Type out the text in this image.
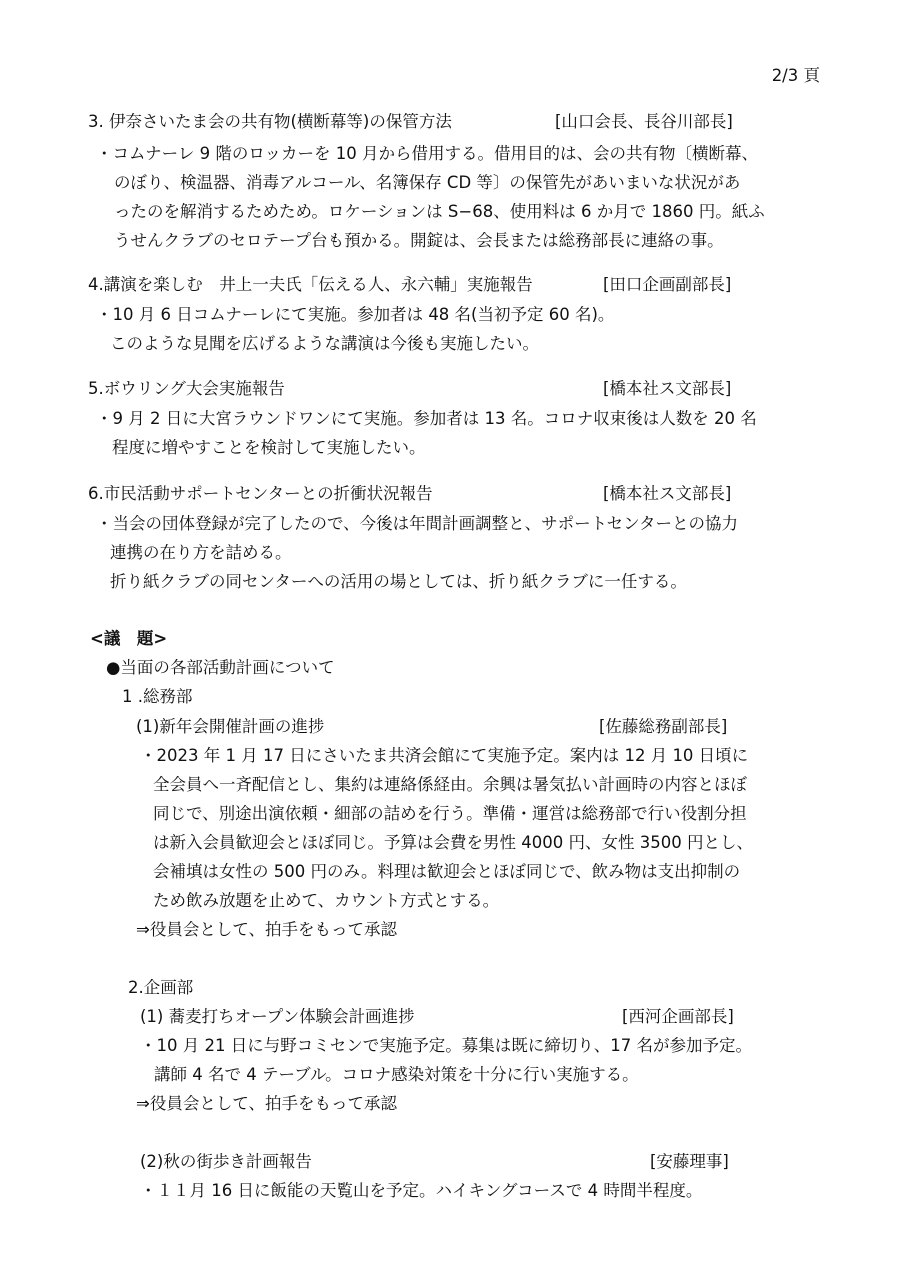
2/3 頁
3. 伊奈さいたま会の共有物(横断幕等)の保管方法	[山口会長、長谷川部長]
・コムナーレ 9 階のロッカーを 10 月から借用する。借用目的は、会の共有物〔横断幕、
のぼり、検温器、消毒アルコール、名簿保存 CD 等〕の保管先があいまいな状況があ
ったのを解消するためため。ロケーションは S−68、使用料は 6 か月で 1860 円。紙ふ
うせんクラブのセロテープ台も預かる。開錠は、会長または総務部長に連絡の事。
4.講演を楽しむ　井上一夫氏「伝える人、永六輔」実施報告	[田口企画副部長]
・10 月 6 日コムナーレにて実施。参加者は 48 名(当初予定 60 名)。
このような見聞を広げるような講演は今後も実施したい。
5.ボウリング大会実施報告	[橋本社ス文部長]
・9 月 2 日に大宮ラウンドワンにて実施。参加者は 13 名。コロナ収束後は人数を 20 名
程度に増やすことを検討して実施したい。
6.市民活動サポートセンターとの折衝状況報告	[橋本社ス文部長]
・当会の団体登録が完了したので、今後は年間計画調整と、サポートセンターとの協力
連携の在り方を詰める。
折り紙クラブの同センターへの活用の場としては、折り紙クラブに一任する。
<議　題>
●当面の各部活動計画について
1 .総務部
(1)新年会開催計画の進捗	[佐藤総務副部長]
・2023 年 1 月 17 日にさいたま共済会館にて実施予定。案内は 12 月 10 日頃に
全会員へ一斉配信とし、集約は連絡係経由。余興は暑気払い計画時の内容とほぼ
同じで、別途出演依頼・細部の詰めを行う。準備・運営は総務部で行い役割分担
は新入会員歓迎会とほぼ同じ。予算は会費を男性 4000 円、女性 3500 円とし、
会補填は女性の 500 円のみ。料理は歓迎会とほぼ同じで、飲み物は支出抑制の
ため飲み放題を止めて、カウント方式とする。
⇒役員会として、拍手をもって承認
2.企画部
(1) 蕎麦打ちオープン体験会計画進捗	[西河企画部長]
・10 月 21 日に与野コミセンで実施予定。募集は既に締切り、17 名が参加予定。
講師 4 名で 4 テーブル。コロナ感染対策を十分に行い実施する。
⇒役員会として、拍手をもって承認
(2)秋の街歩き計画報告	[安藤理事]
・１１月 16 日に飯能の天覧山を予定。ハイキングコースで 4 時間半程度。
